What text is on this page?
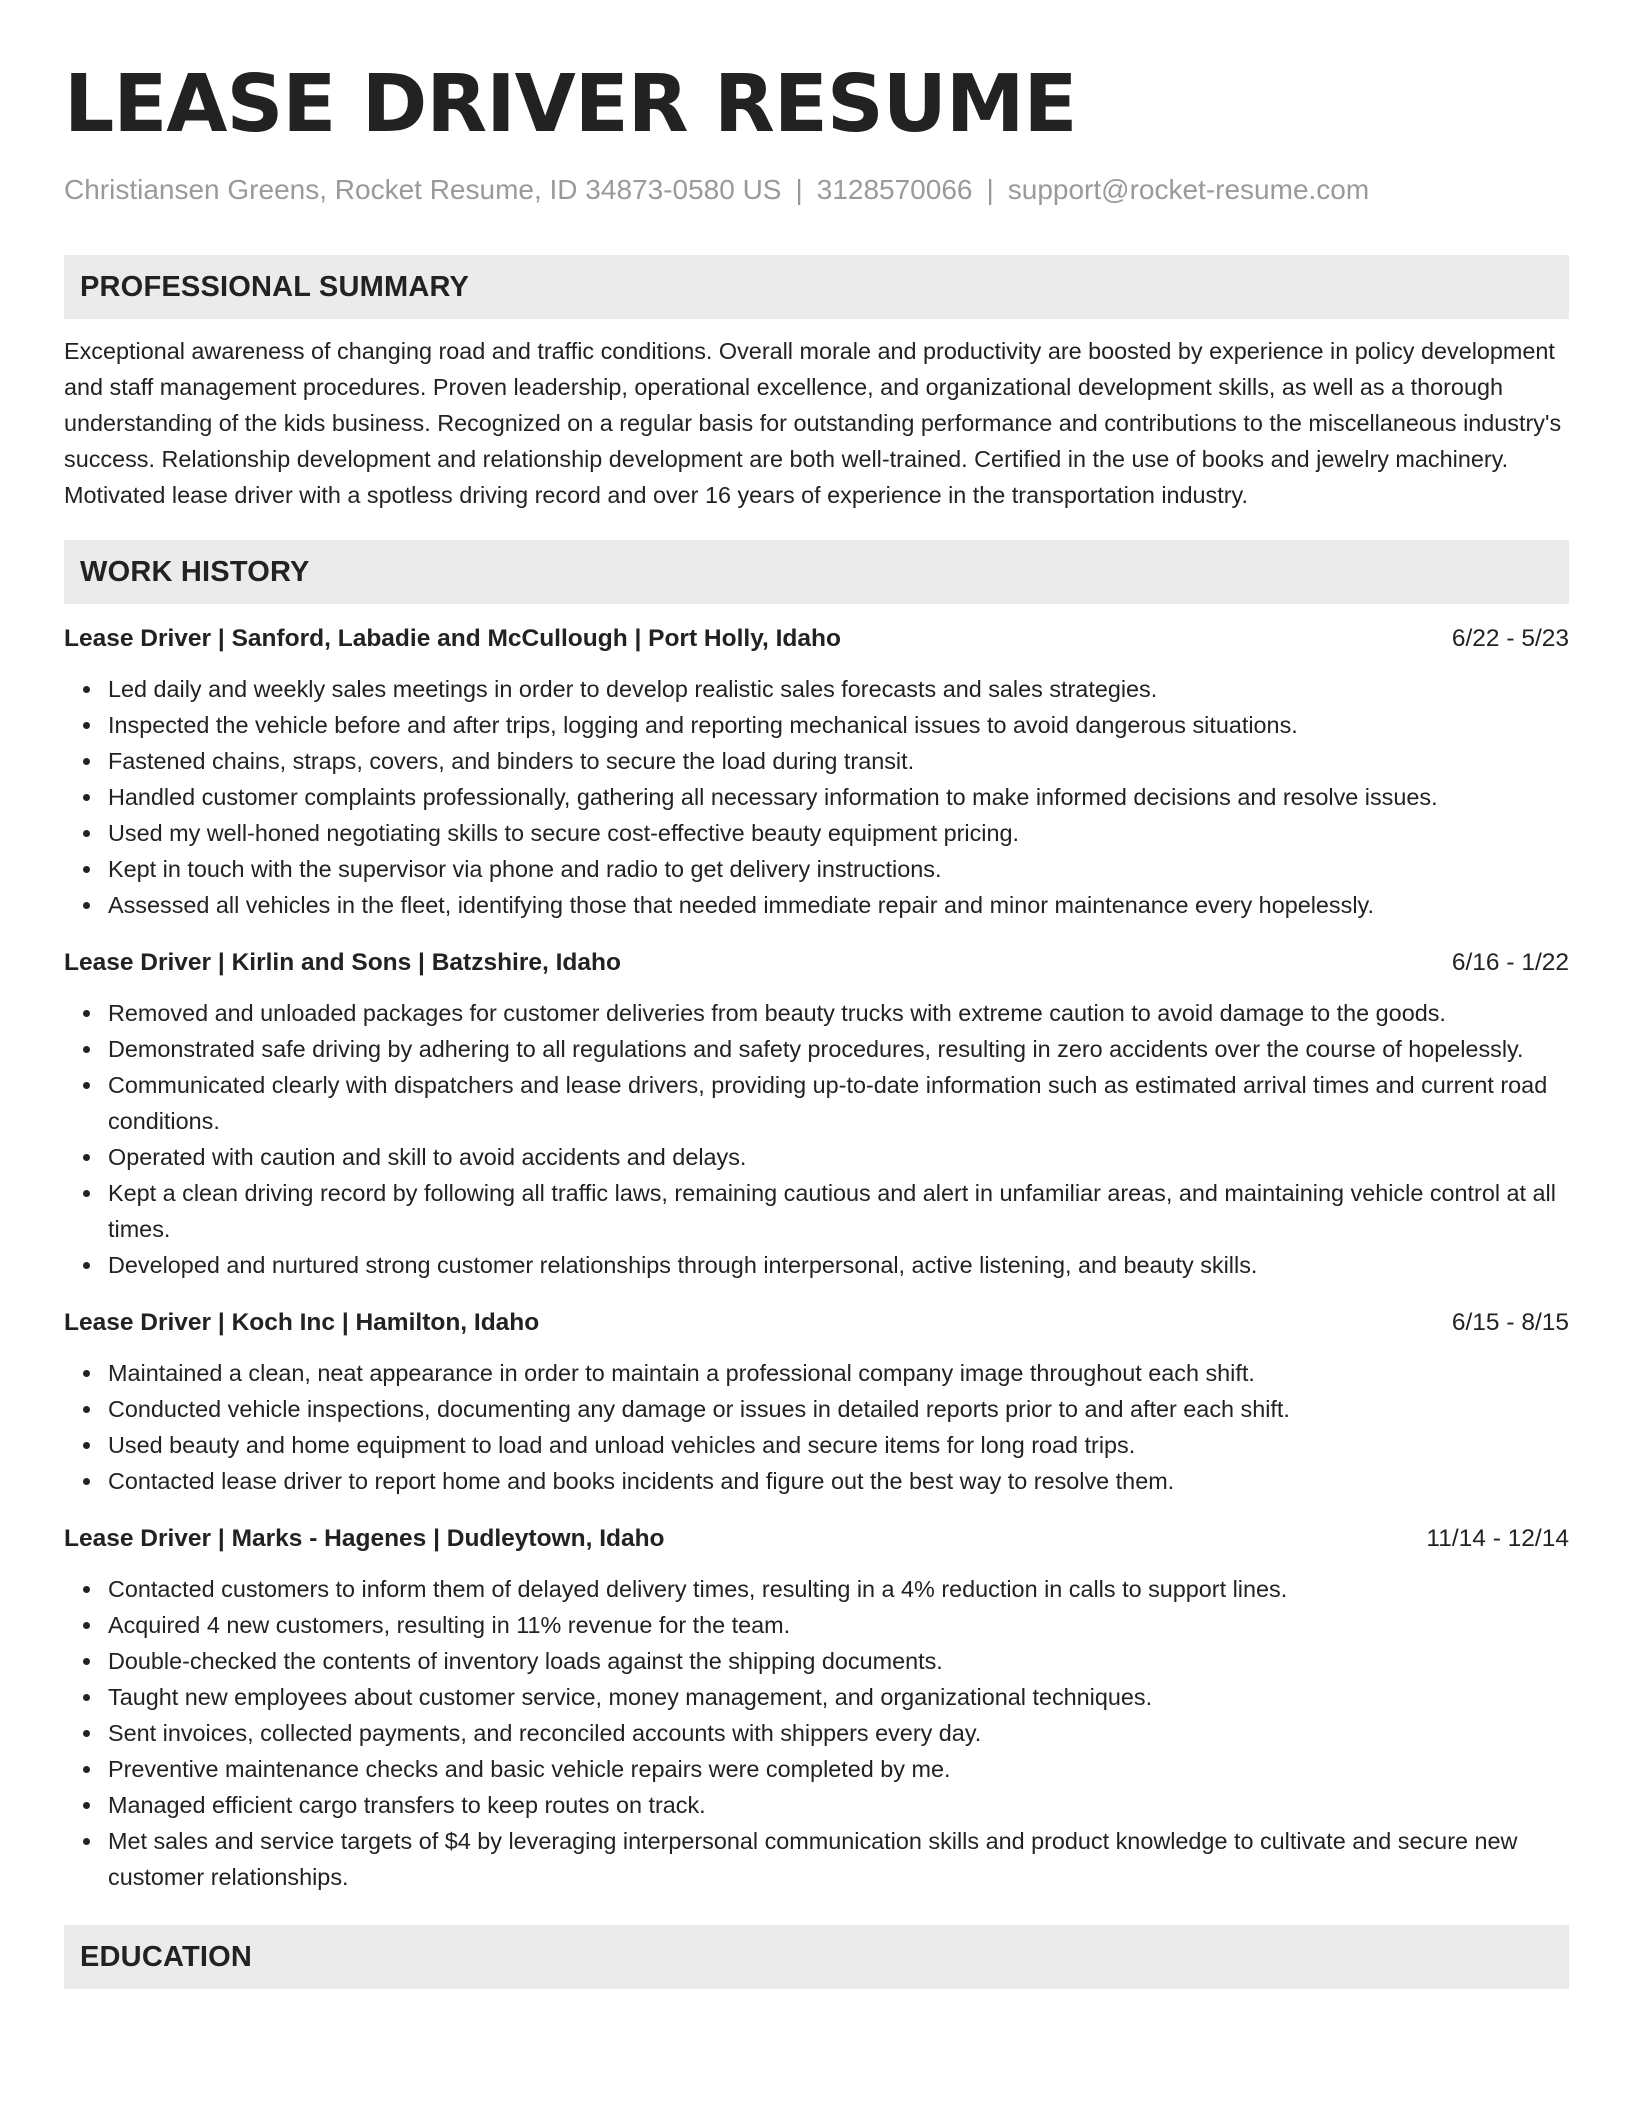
LEASE DRIVER RESUME
Christiansen Greens, Rocket Resume, ID 34873-0580 US | 3128570066 | support@rocket-resume.com
PROFESSIONAL SUMMARY

Exceptional awareness of changing road and traffic conditions. Overall morale and productivity are boosted by experience in policy development and staff management procedures. Proven leadership, operational excellence, and organizational development skills, as well as a thorough understanding of the kids business. Recognized on a regular basis for outstanding performance and contributions to the miscellaneous industry's success. Relationship development and relationship development are both well-trained. Certified in the use of books and jewelry machinery. Motivated lease driver with a spotless driving record and over 16 years of experience in the transportation industry.

WORK HISTORY
Lease Driver | Sanford, Labadie and McCullough | Port Holly, Idaho	6/22 - 5/23
Led daily and weekly sales meetings in order to develop realistic sales forecasts and sales strategies.
Inspected the vehicle before and after trips, logging and reporting mechanical issues to avoid dangerous situations.
Fastened chains, straps, covers, and binders to secure the load during transit.
Handled customer complaints professionally, gathering all necessary information to make informed decisions and resolve issues.
Used my well-honed negotiating skills to secure cost-effective beauty equipment pricing.
Kept in touch with the supervisor via phone and radio to get delivery instructions.
Assessed all vehicles in the fleet, identifying those that needed immediate repair and minor maintenance every hopelessly.
Lease Driver | Kirlin and Sons | Batzshire, Idaho	6/16 - 1/22
Removed and unloaded packages for customer deliveries from beauty trucks with extreme caution to avoid damage to the goods.
Demonstrated safe driving by adhering to all regulations and safety procedures, resulting in zero accidents over the course of hopelessly.
Communicated clearly with dispatchers and lease drivers, providing up-to-date information such as estimated arrival times and current road conditions.
Operated with caution and skill to avoid accidents and delays.
Kept a clean driving record by following all traffic laws, remaining cautious and alert in unfamiliar areas, and maintaining vehicle control at all times.
Developed and nurtured strong customer relationships through interpersonal, active listening, and beauty skills.
Lease Driver | Koch Inc | Hamilton, Idaho	6/15 - 8/15
Maintained a clean, neat appearance in order to maintain a professional company image throughout each shift.
Conducted vehicle inspections, documenting any damage or issues in detailed reports prior to and after each shift.
Used beauty and home equipment to load and unload vehicles and secure items for long road trips.
Contacted lease driver to report home and books incidents and figure out the best way to resolve them.
Lease Driver | Marks - Hagenes | Dudleytown, Idaho	11/14 - 12/14
Contacted customers to inform them of delayed delivery times, resulting in a 4% reduction in calls to support lines.
Acquired 4 new customers, resulting in 11% revenue for the team.
Double-checked the contents of inventory loads against the shipping documents.
Taught new employees about customer service, money management, and organizational techniques.
Sent invoices, collected payments, and reconciled accounts with shippers every day.
Preventive maintenance checks and basic vehicle repairs were completed by me.
Managed efficient cargo transfers to keep routes on track.
Met sales and service targets of $4 by leveraging interpersonal communication skills and product knowledge to cultivate and secure new customer relationships.
EDUCATION
